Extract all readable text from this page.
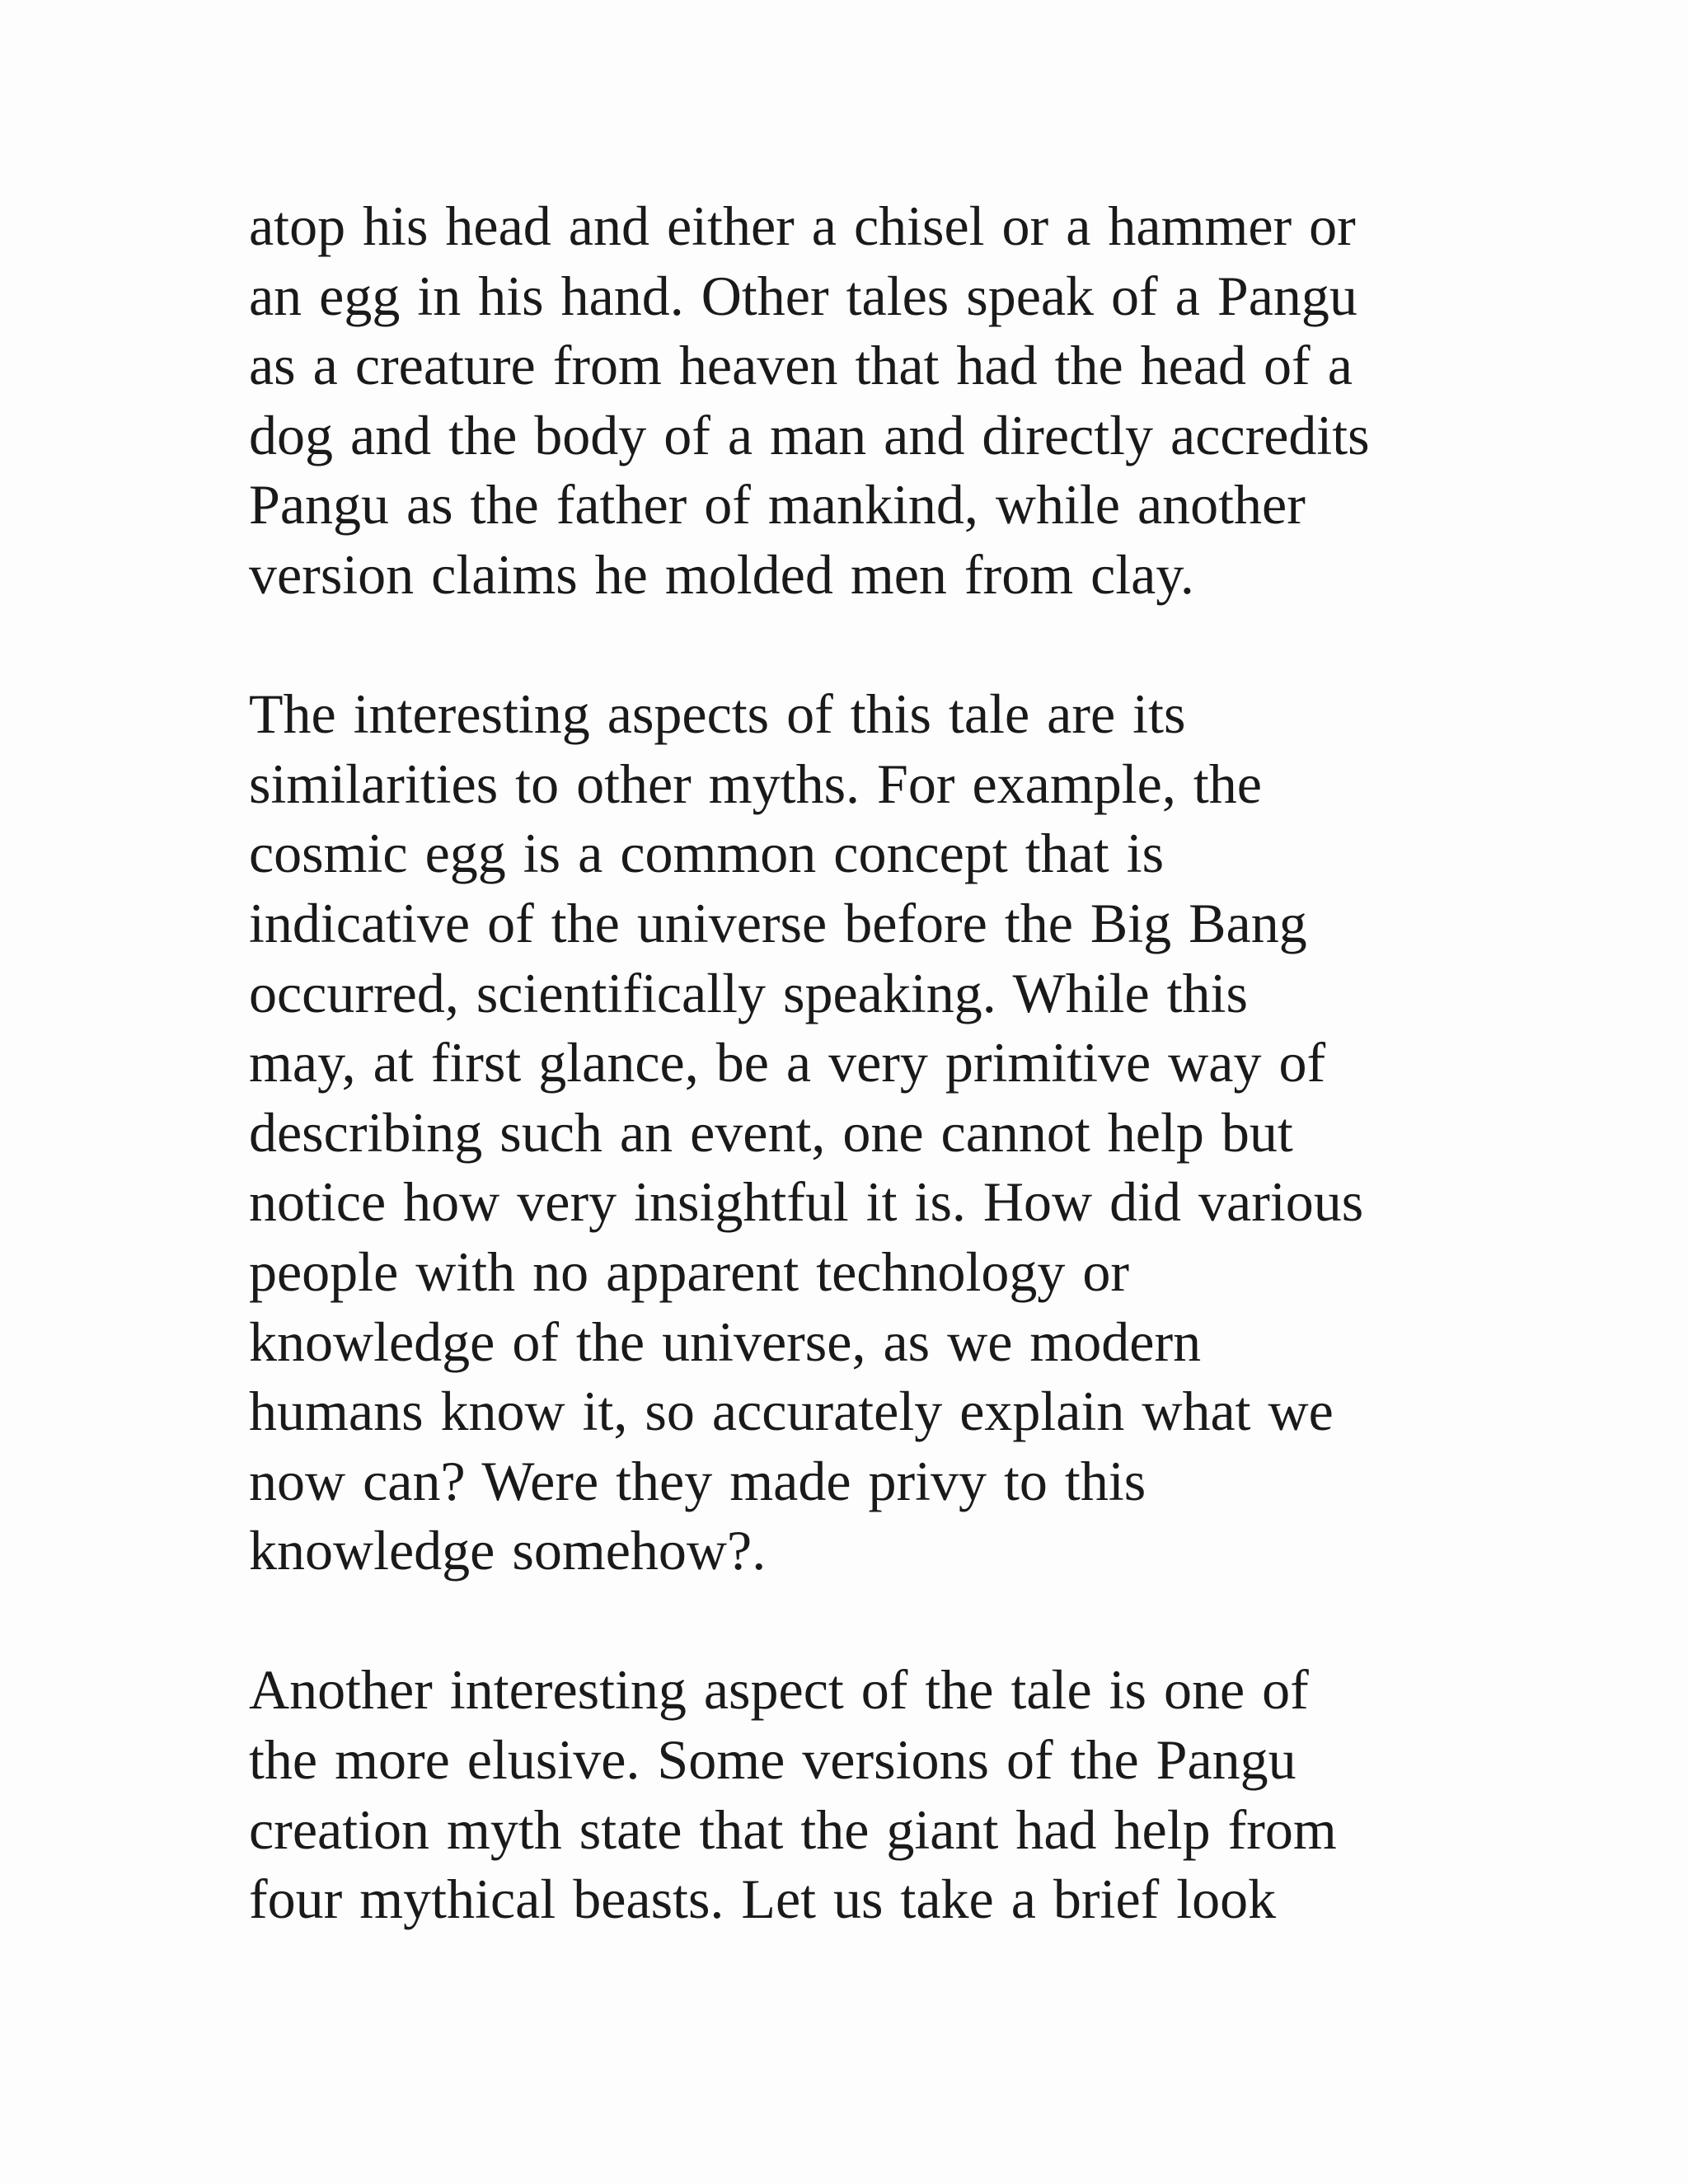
atop his head and either a chisel or a hammer or
an egg in his hand. Other tales speak of a Pangu
as a creature from heaven that had the head of a
dog and the body of a man and directly accredits
Pangu as the father of mankind, while another
version claims he molded men from clay.

The interesting aspects of this tale are its
similarities to other myths. For example, the
cosmic egg is a common concept that is
indicative of the universe before the Big Bang
occurred, scientifically speaking. While this
may, at first glance, be a very primitive way of
describing such an event, one cannot help but
notice how very insightful it is. How did various
people with no apparent technology or
knowledge of the universe, as we modern
humans know it, so accurately explain what we
now can? Were they made privy to this
knowledge somehow?.

Another interesting aspect of the tale is one of
the more elusive. Some versions of the Pangu
creation myth state that the giant had help from
four mythical beasts. Let us take a brief look
